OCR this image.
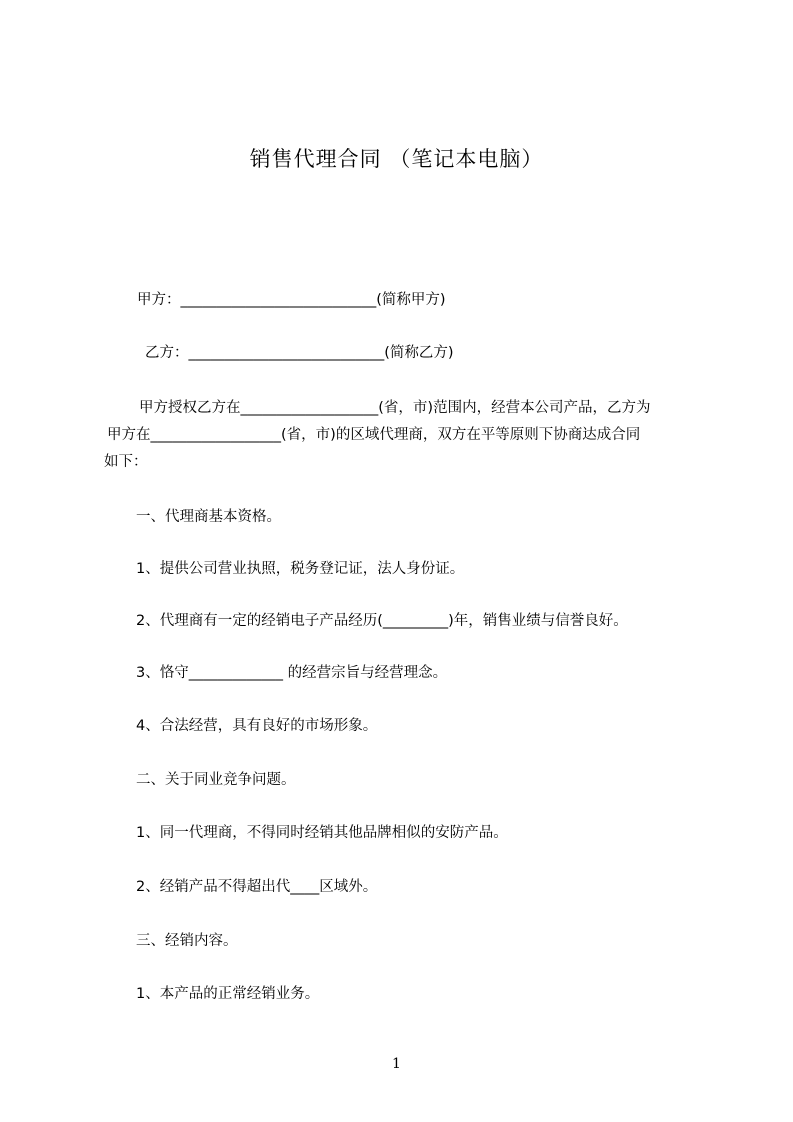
销售代理合同 （笔记本电脑）
甲方：___________________________(简称甲方)
乙方：___________________________(简称乙方)
甲方授权乙方在___________________(省，市)范围内，经营本公司产品，乙方为
甲方在__________________(省，市)的区域代理商，双方在平等原则下协商达成合同
如下：
一、代理商基本资格。
1、提供公司营业执照，税务登记证，法人身份证。
2、代理商有一定的经销电子产品经历(_________)年，销售业绩与信誉良好。
3、恪守_____________ 的经营宗旨与经营理念。
4、合法经营，具有良好的市场形象。
二、关于同业竞争问题。
1、同一代理商，不得同时经销其他品牌相似的安防产品。
2、经销产品不得超出代____区域外。
三、经销内容。
1、本产品的正常经销业务。
1
